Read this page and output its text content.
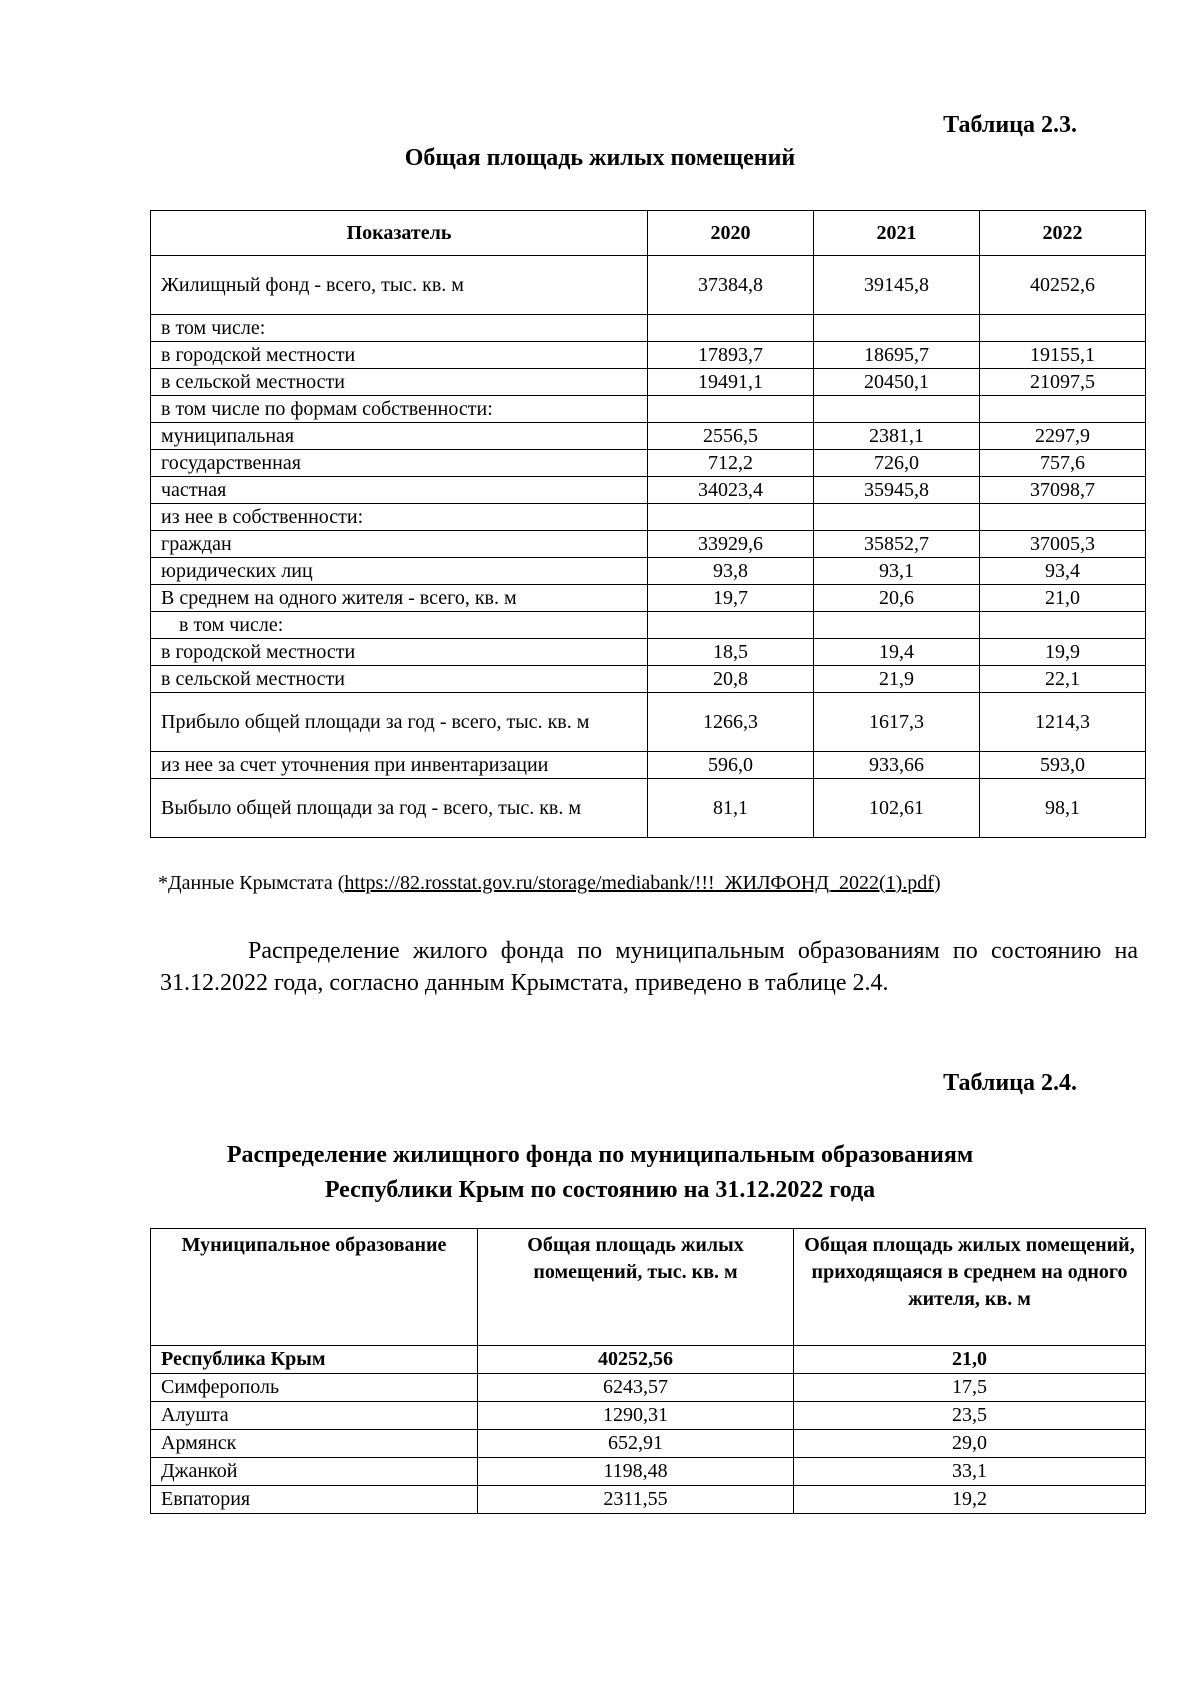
Таблица 2.3.
Общая площадь жилых помещений
Показатель	2020	2021	2022
Жилищный фонд - всего, тыс. кв. м	37384,8	39145,8	40252,6
в том числе:			
в городской местности	17893,7	18695,7	19155,1
в сельской местности	19491,1	20450,1	21097,5
в том числе по формам собственности:			
муниципальная	2556,5	2381,1	2297,9
государственная	712,2	726,0	757,6
частная	34023,4	35945,8	37098,7
из нее в собственности:			
граждан	33929,6	35852,7	37005,3
юридических лиц	93,8	93,1	93,4
В среднем на одного жителя - всего, кв. м	19,7	20,6	21,0
в том числе:			
в городской местности	18,5	19,4	19,9
в сельской местности	20,8	21,9	22,1
Прибыло общей площади за год - всего, тыс. кв. м	1266,3	1617,3	1214,3
из нее за счет уточнения при инвентаризации	596,0	933,66	593,0
Выбыло общей площади за год - всего, тыс. кв. м	81,1	102,61	98,1
*Данные Крымстата (https://82.rosstat.gov.ru/storage/mediabank/!!!_ЖИЛФОНД_2022(1).pdf)
Распределение жилого фонда по муниципальным образованиям по состоянию на 31.12.2022 года, согласно данным Крымстата, приведено в таблице 2.4.
Таблица 2.4.
Распределение жилищного фонда по муниципальным образованиям
Республики Крым по состоянию на 31.12.2022 года
Муниципальное образование	Общая площадь жилых помещений, тыс. кв. м	Общая площадь жилых помещений, приходящаяся в среднем на одного жителя, кв. м
Республика Крым	40252,56	21,0
Симферополь	6243,57	17,5
Алушта	1290,31	23,5
Армянск	652,91	29,0
Джанкой	1198,48	33,1
Евпатория	2311,55	19,2
